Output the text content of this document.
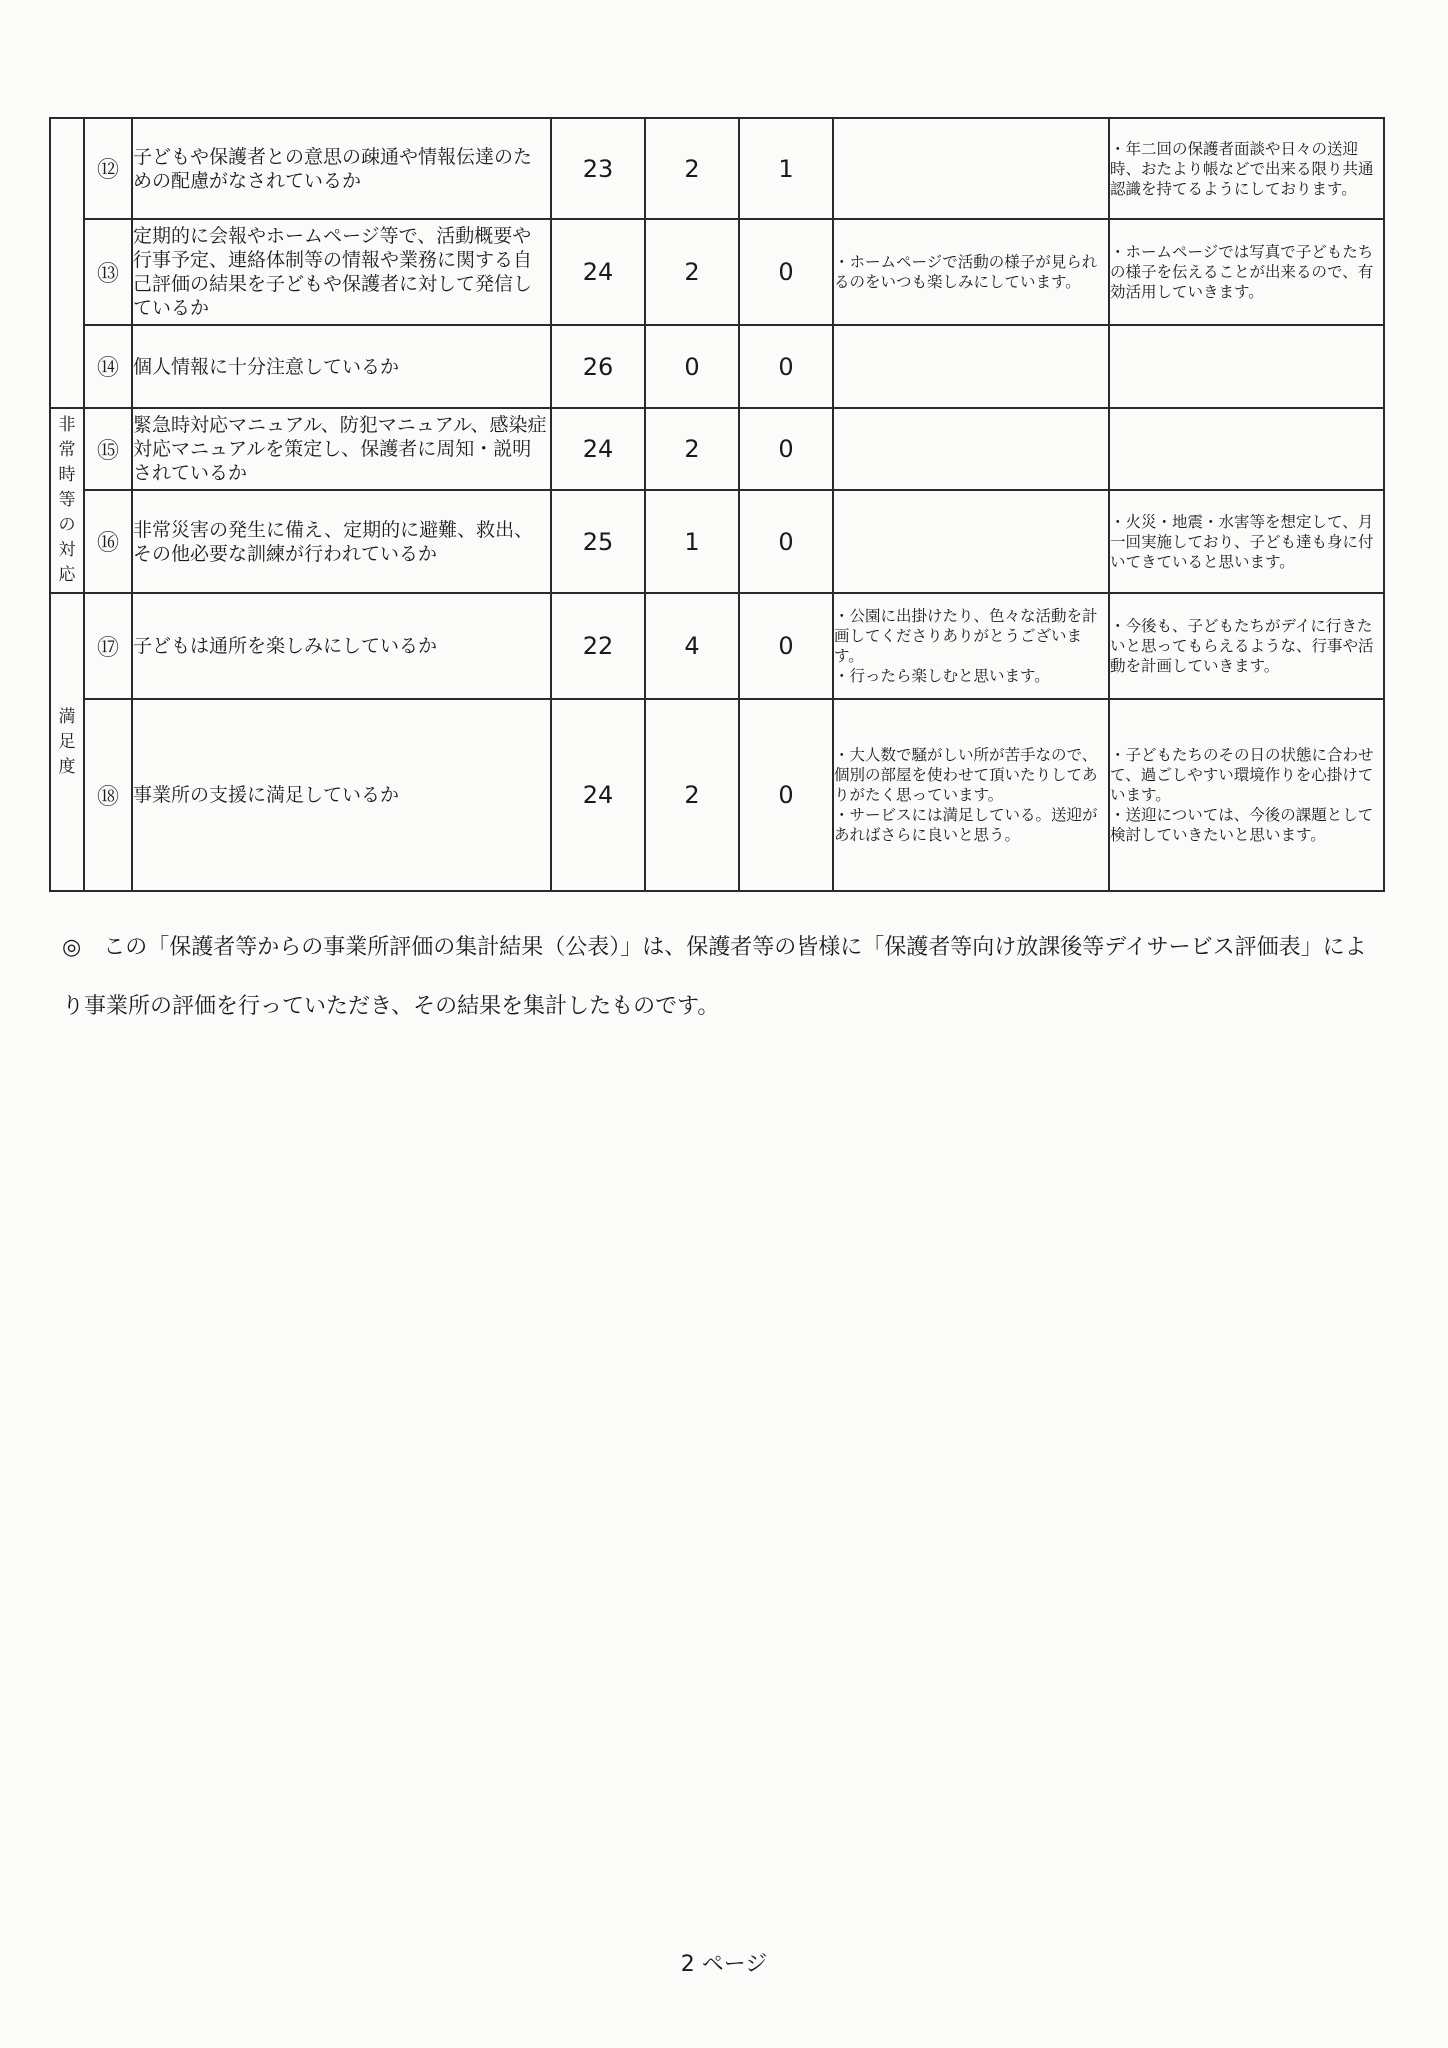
	⑫	子どもや保護者との意思の疎通や情報伝達のための配慮がなされているか	23	2	1		・年二回の保護者面談や日々の送迎時、おたより帳などで出来る限り共通認識を持てるようにしております。

	⑬	定期的に会報やホームページ等で、活動概要や行事予定、連絡体制等の情報や業務に関する自己評価の結果を子どもや保護者に対して発信しているか	24	2	0	・ホームページで活動の様子が見られるのをいつも楽しみにしています。	・ホームページでは写真で子どもたちの様子を伝えることが出来るので、有効活用していきます。

	⑭	個人情報に十分注意しているか	26	0	0	

非常時等の対応	⑮	緊急時対応マニュアル、防犯マニュアル、感染症対応マニュアルを策定し、保護者に周知・説明されているか	24	2	0	

	⑯	非常災害の発生に備え、定期的に避難、救出、その他必要な訓練が行われているか	25	1	0		・火災・地震・水害等を想定して、月一回実施しており、子ども達も身に付いてきていると思います。

満足度	⑰	子どもは通所を楽しみにしているか	22	4	0	・公園に出掛けたり、色々な活動を計画してくださりありがとうございます。
・行ったら楽しむと思います。	・今後も、子どもたちがデイに行きたいと思ってもらえるような、行事や活動を計画していきます。

	⑱	事業所の支援に満足しているか	24	2	0	・大人数で騒がしい所が苦手なので、個別の部屋を使わせて頂いたりしてありがたく思っています。
・サービスには満足している。送迎があればさらに良いと思う。	・子どもたちのその日の状態に合わせて、過ごしやすい環境作りを心掛けています。
・送迎については、今後の課題として検討していきたいと思います。

◎　この「保護者等からの事業所評価の集計結果（公表）」は、保護者等の皆様に「保護者等向け放課後等デイサービス評価表」により事業所の評価を行っていただき、その結果を集計したものです。

2 ページ
